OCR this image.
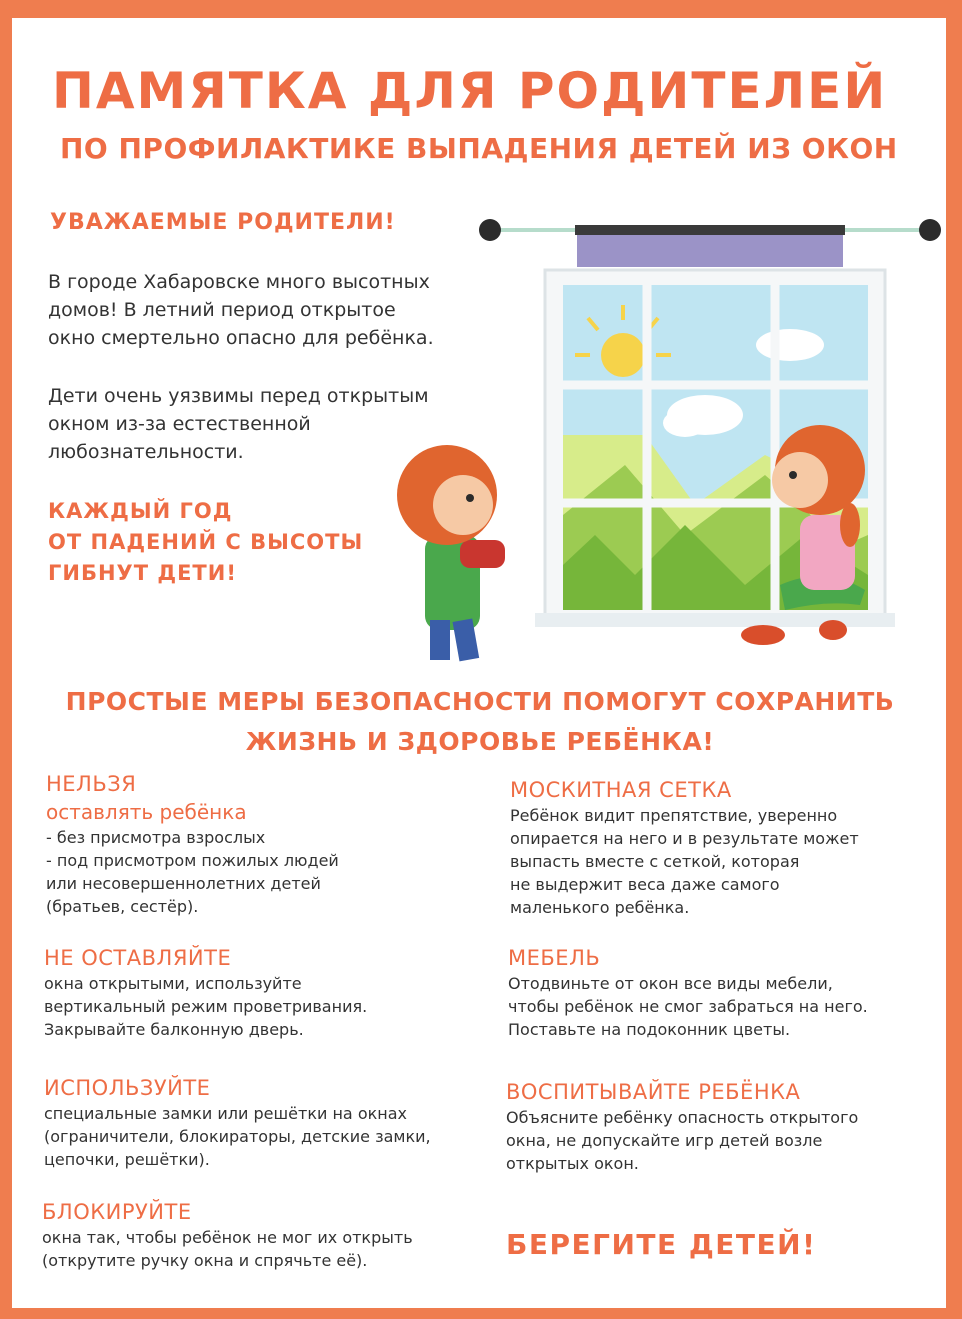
ПАМЯТКА ДЛЯ РОДИТЕЛЕЙ
ПО ПРОФИЛАКТИКЕ ВЫПАДЕНИЯ ДЕТЕЙ ИЗ ОКОН
УВАЖАЕМЫЕ РОДИТЕЛИ!
В городе Хабаровске много высотных
домов! В летний период открытое
окно смертельно опасно для ребёнка.
Дети очень уязвимы перед открытым
окном из-за естественной
любознательности.
КАЖДЫЙ ГОД
ОТ ПАДЕНИЙ С ВЫСОТЫ
ГИБНУТ ДЕТИ!
ПРОСТЫЕ МЕРЫ БЕЗОПАСНОСТИ ПОМОГУТ СОХРАНИТЬ
ЖИЗНЬ И ЗДОРОВЬЕ РЕБЁНКА!
НЕЛЬЗЯ
оставлять ребёнка
- без присмотра взрослых
- под присмотром пожилых людей
или несовершеннолетних детей
(братьев, сестёр).
НЕ ОСТАВЛЯЙТЕ
окна открытыми, используйте
вертикальный режим проветривания.
Закрывайте балконную дверь.
ИСПОЛЬЗУЙТЕ
специальные замки или решётки на окнах
(ограничители, блокираторы, детские замки,
цепочки, решётки).
БЛОКИРУЙТЕ
окна так, чтобы ребёнок не мог их открыть
(открутите ручку окна и спрячьте её).
МОСКИТНАЯ СЕТКА
Ребёнок видит препятствие, уверенно
опирается на него и в результате может
выпасть вместе с сеткой, которая
не выдержит веса даже самого
маленького ребёнка.
МЕБЕЛЬ
Отодвиньте от окон все виды мебели,
чтобы ребёнок не смог забраться на него.
Поставьте на подоконник цветы.
ВОСПИТЫВАЙТЕ РЕБЁНКА
Объясните ребёнку опасность открытого
окна, не допускайте игр детей возле
открытых окон.
БЕРЕГИТЕ ДЕТЕЙ!
